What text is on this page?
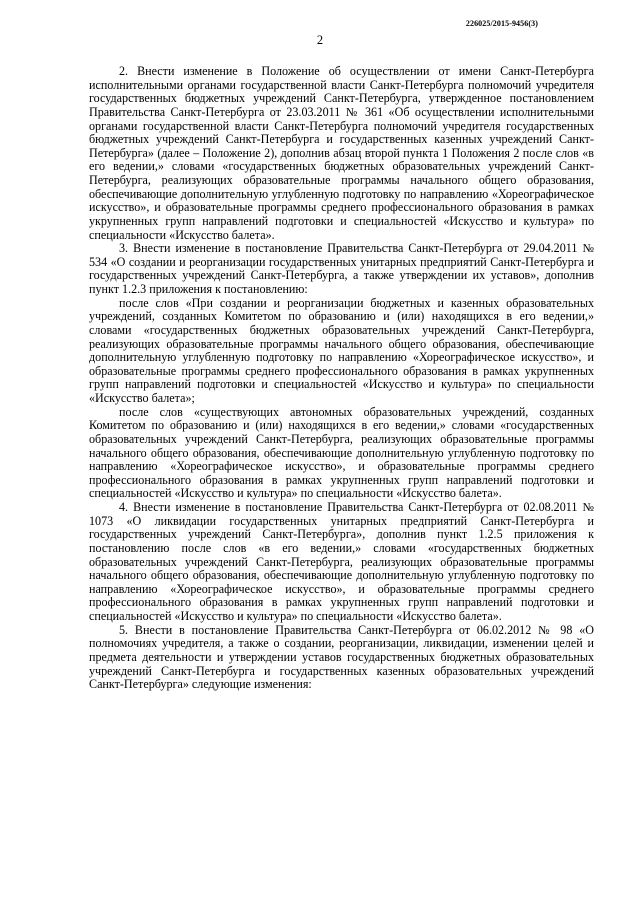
226025/2015-9456(3)
2

2. Внести изменение в Положение об осуществлении от имени Санкт-Петербурга исполнительными органами государственной власти Санкт-Петербурга полномочий учредителя государственных бюджетных учреждений Санкт-Петербурга, утвержденное постановлением Правительства Санкт-Петербурга от 23.03.2011 № 361 «Об осуществлении исполнительными органами государственной власти Санкт-Петербурга полномочий учредителя государственных бюджетных учреждений Санкт-Петербурга и государственных казенных учреждений Санкт-Петербурга» (далее – Положение 2), дополнив абзац второй пункта 1 Положения 2 после слов «в его ведении,» словами «государственных бюджетных образовательных учреждений Санкт-Петербурга, реализующих образовательные программы начального общего образования, обеспечивающие дополнительную углубленную подготовку по направлению «Хореографическое искусство», и образовательные программы среднего профессионального образования в рамках укрупненных групп направлений подготовки и специальностей «Искусство и культура» по специальности «Искусство балета».

3. Внести изменение в постановление Правительства Санкт-Петербурга от 29.04.2011 № 534 «О создании и реорганизации государственных унитарных предприятий Санкт-Петербурга и государственных учреждений Санкт-Петербурга, а также утверждении их уставов», дополнив пункт 1.2.3 приложения к постановлению:

после слов «При создании и реорганизации бюджетных и казенных образовательных учреждений, созданных Комитетом по образованию и (или) находящихся в его ведении,» словами «государственных бюджетных образовательных учреждений Санкт-Петербурга, реализующих образовательные программы начального общего образования, обеспечивающие дополнительную углубленную подготовку по направлению «Хореографическое искусство», и образовательные программы среднего профессионального образования в рамках укрупненных групп направлений подготовки и специальностей «Искусство и культура» по специальности «Искусство балета»;

после слов «существующих автономных образовательных учреждений, созданных Комитетом по образованию и (или) находящихся в его ведении,» словами «государственных образовательных учреждений Санкт-Петербурга, реализующих образовательные программы начального общего образования, обеспечивающие дополнительную углубленную подготовку по направлению «Хореографическое искусство», и образовательные программы среднего профессионального образования в рамках укрупненных групп направлений подготовки и специальностей «Искусство и культура» по специальности «Искусство балета».

4. Внести изменение в постановление Правительства Санкт-Петербурга от 02.08.2011 № 1073 «О ликвидации государственных унитарных предприятий Санкт-Петербурга и государственных учреждений Санкт-Петербурга», дополнив пункт 1.2.5 приложения к постановлению после слов «в его ведении,» словами «государственных бюджетных образовательных учреждений Санкт-Петербурга, реализующих образовательные программы начального общего образования, обеспечивающие дополнительную углубленную подготовку по направлению «Хореографическое искусство», и образовательные программы среднего профессионального образования в рамках укрупненных групп направлений подготовки и специальностей «Искусство и культура» по специальности «Искусство балета».

5. Внести в постановление Правительства Санкт-Петербурга от 06.02.2012 № 98 «О полномочиях учредителя, а также о создании, реорганизации, ликвидации, изменении целей и предмета деятельности и утверждении уставов государственных бюджетных образовательных учреждений Санкт-Петербурга и государственных казенных образовательных учреждений Санкт-Петербурга» следующие изменения:
